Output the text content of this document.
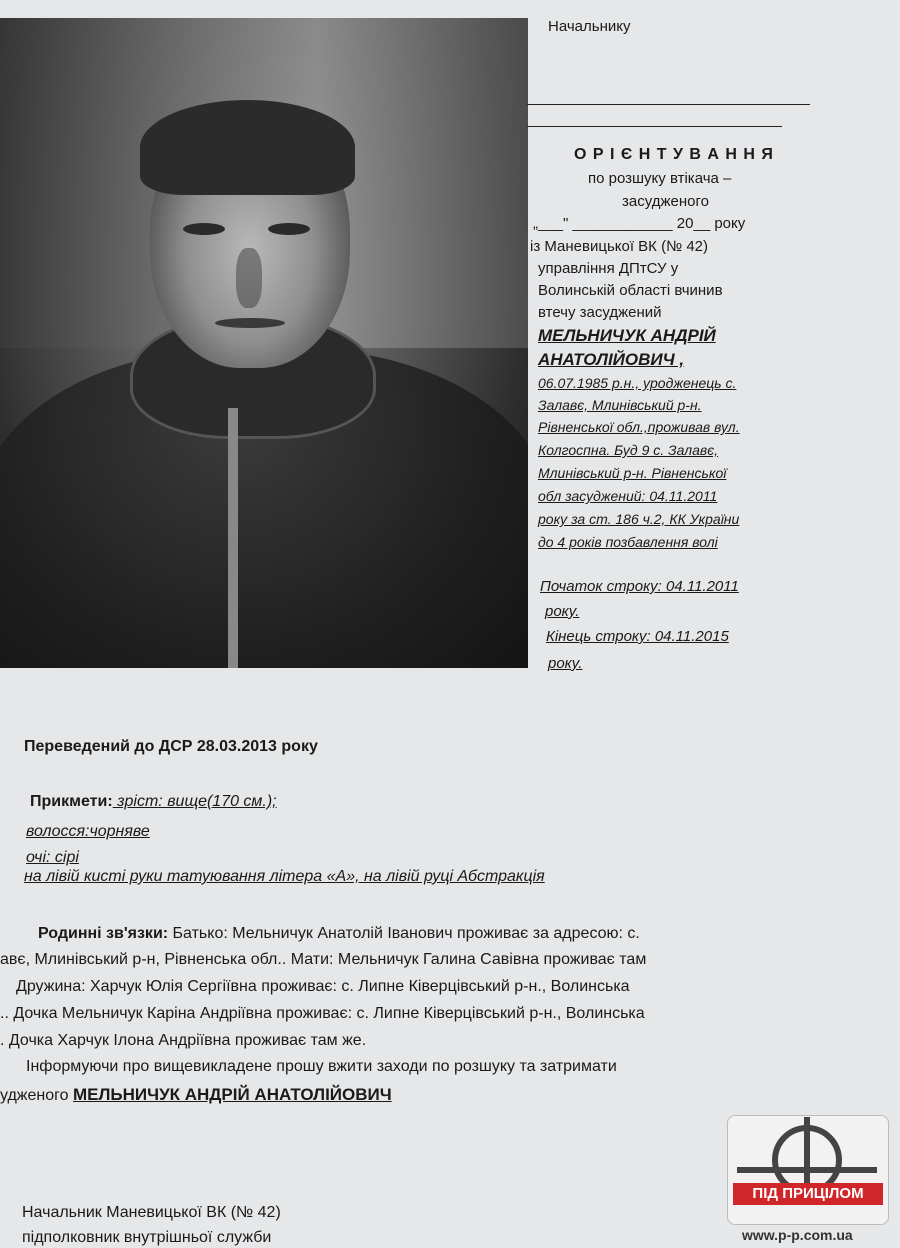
Начальнику
О Р І Є Н Т У В А Н Н Я
по розшуку втікача –
засудженого
„___" ____________ 20__ року
із Маневицької ВК (№ 42)
управління ДПтСУ у
Волинській області вчинив
втечу засуджений
МЕЛЬНИЧУК АНДРІЙ
АНАТОЛІЙОВИЧ ,
06.07.1985 р.н., уродженець с.
Залавє, Млинівський р-н.
Рівненської обл.,проживав вул.
Колгоспна. Буд 9 с. Залавє,
Млинівський р-н. Рівненської
обл засуджений: 04.11.2011
року за ст. 186 ч.2, КК України
до 4 років позбавлення волі
Початок строку: 04.11.2011
року.
Кінець строку: 04.11.2015
року.
Переведений до ДСР 28.03.2013 року
Прикмети: зріст: вище(170 см.);
волосся:чорняве
очі: сірі
на лівій кисті руки татуювання літера «А», на лівій руці Абстракція
Родинні зв'язки: Батько: Мельничук Анатолій Іванович проживає за адресою: с.
авє, Млинівський р-н, Рівненська обл.. Мати: Мельничук Галина Савівна проживає там
Дружина: Харчук Юлія Сергіївна проживає: с. Липне Ківерцівський р-н., Волинська
.. Дочка Мельничук Каріна Андріївна проживає: с. Липне Ківерцівський р-н., Волинська
. Дочка Харчук Ілона Андріївна проживає там же.
Інформуючи про вищевикладене прошу вжити заходи по розшуку та затримати
удженого МЕЛЬНИЧУК АНДРІЙ АНАТОЛІЙОВИЧ
Начальник Маневицької ВК (№ 42)
підполковник внутрішньої служби
ПІД ПРИЦІЛОМ
www.p-p.com.ua
